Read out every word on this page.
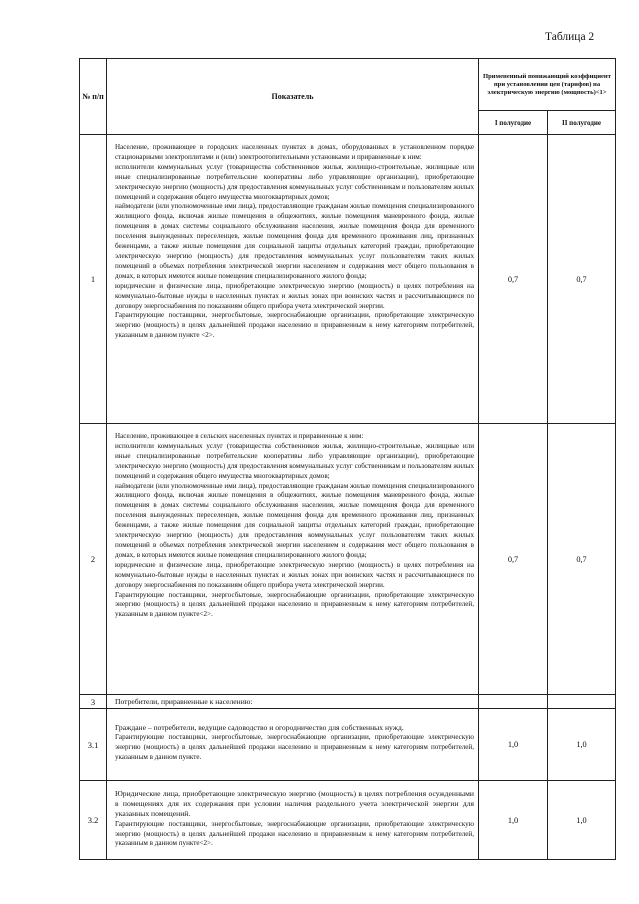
Таблица 2
№ п/п	Показатель	Примененный понижающий коэффициент при установлении цен (тарифов) на электрическую энергию (мощность)<1>	
		I полугодие	II полугодие
1	Население, проживающее в городских населенных пунктах в домах, оборудованных в установленном порядке стационарными электроплитами и (или) электроотопительными установками и приравненные к ним:

исполнители коммунальных услуг (товарищества собственников жилья, жилищно-строительные, жилищные или иные специализированные потребительские кооперативы либо управляющие организации), приобретающие электрическую энергию (мощность) для предоставления коммунальных услуг собственникам и пользователям жилых помещений и содержания общего имущества многоквартирных домов;

наймодатели (или уполномоченные ими лица), предоставляющие гражданам жилые помещения специализированного жилищного фонда, включая жилые помещения в общежитиях, жилые помещения маневренного фонда, жилые помещения в домах системы социального обслуживания населения, жилые помещения фонда для временного поселения вынужденных переселенцев, жилые помещения фонда для временного проживания лиц, признанных беженцами, а также жилые помещения для социальной защиты отдельных категорий граждан, приобретающие электрическую энергию (мощность) для предоставления коммунальных услуг пользователям таких жилых помещений в объемах потребления электрической энергии населением и содержания мест общего пользования в домах, в которых имеются жилые помещения специализированного жилого фонда;

юридические и физические лица, приобретающие электрическую энергию (мощность) в целях потребления на коммунально-бытовые нужды в населенных пунктах и жилых зонах при воинских частях и рассчитывающиеся по договору энергоснабжения по показаниям общего прибора учета электрической энергии.

Гарантирующие поставщики, энергосбытовые, энергоснабжающие организации, приобретающие электрическую энергию (мощность) в целях дальнейшей продажи населению и приравненным к нему категориям потребителей, указанным в данном пункте <2>.	0,7	0,7
2	Население, проживающее в сельских населенных пунктах и приравненные к ним:

исполнители коммунальных услуг (товарищества собственников жилья, жилищно-строительные, жилищные или иные специализированные потребительские кооперативы либо управляющие организации), приобретающие электрическую энергию (мощность) для предоставления коммунальных услуг собственникам и пользователям жилых помещений и содержания общего имущества многоквартирных домов;

наймодатели (или уполномоченные ими лица), предоставляющие гражданам жилые помещения специализированного жилищного фонда, включая жилые помещения в общежитиях, жилые помещения маневренного фонда, жилые помещения в домах системы социального обслуживания населения, жилые помещения фонда для временного поселения вынужденных переселенцев, жилые помещения фонда для временного проживания лиц, признанных беженцами, а также жилые помещения для социальной защиты отдельных категорий граждан, приобретающие электрическую энергию (мощность) для предоставления коммунальных услуг пользователям таких жилых помещений в объемах потребления электрической энергии населением и содержания мест общего пользования в домах, в которых имеются жилые помещения специализированного жилого фонда;

юридические и физические лица, приобретающие электрическую энергию (мощность) в целях потребления на коммунально-бытовые нужды в населенных пунктах и жилых зонах при воинских частях и рассчитывающиеся по договору энергоснабжения по показаниям общего прибора учета электрической энергии.

Гарантирующие поставщики, энергосбытовые, энергоснабжающие организации, приобретающие электрическую энергию (мощность) в целях дальнейшей продажи населению и приравненным к нему категориям потребителей, указанным в данном пункте<2>.	0,7	0,7
3	Потребители, приравненные к населению:		
3.1	Граждане – потребители, ведущие садоводство и огородничество для собственных нужд.

Гарантирующие поставщики, энергосбытовые, энергоснабжающие организации, приобретающие электрическую энергию (мощность) в целях дальнейшей продажи населению и приравненным к нему категориям потребителей, указанным в данном пункте.	1,0	1,0
3.2	Юридические лица, приобретающие электрическую энергию (мощность) в целях потребления осужденными в помещениях для их содержания при условии наличия раздельного учета электрической энергии для указанных помещений.

Гарантирующие поставщики, энергосбытовые, энергоснабжающие организации, приобретающие электрическую энергию (мощность) в целях дальнейшей продажи населению и приравненным к нему категориям потребителей, указанным в данном пункте<2>.	1,0	1,0
